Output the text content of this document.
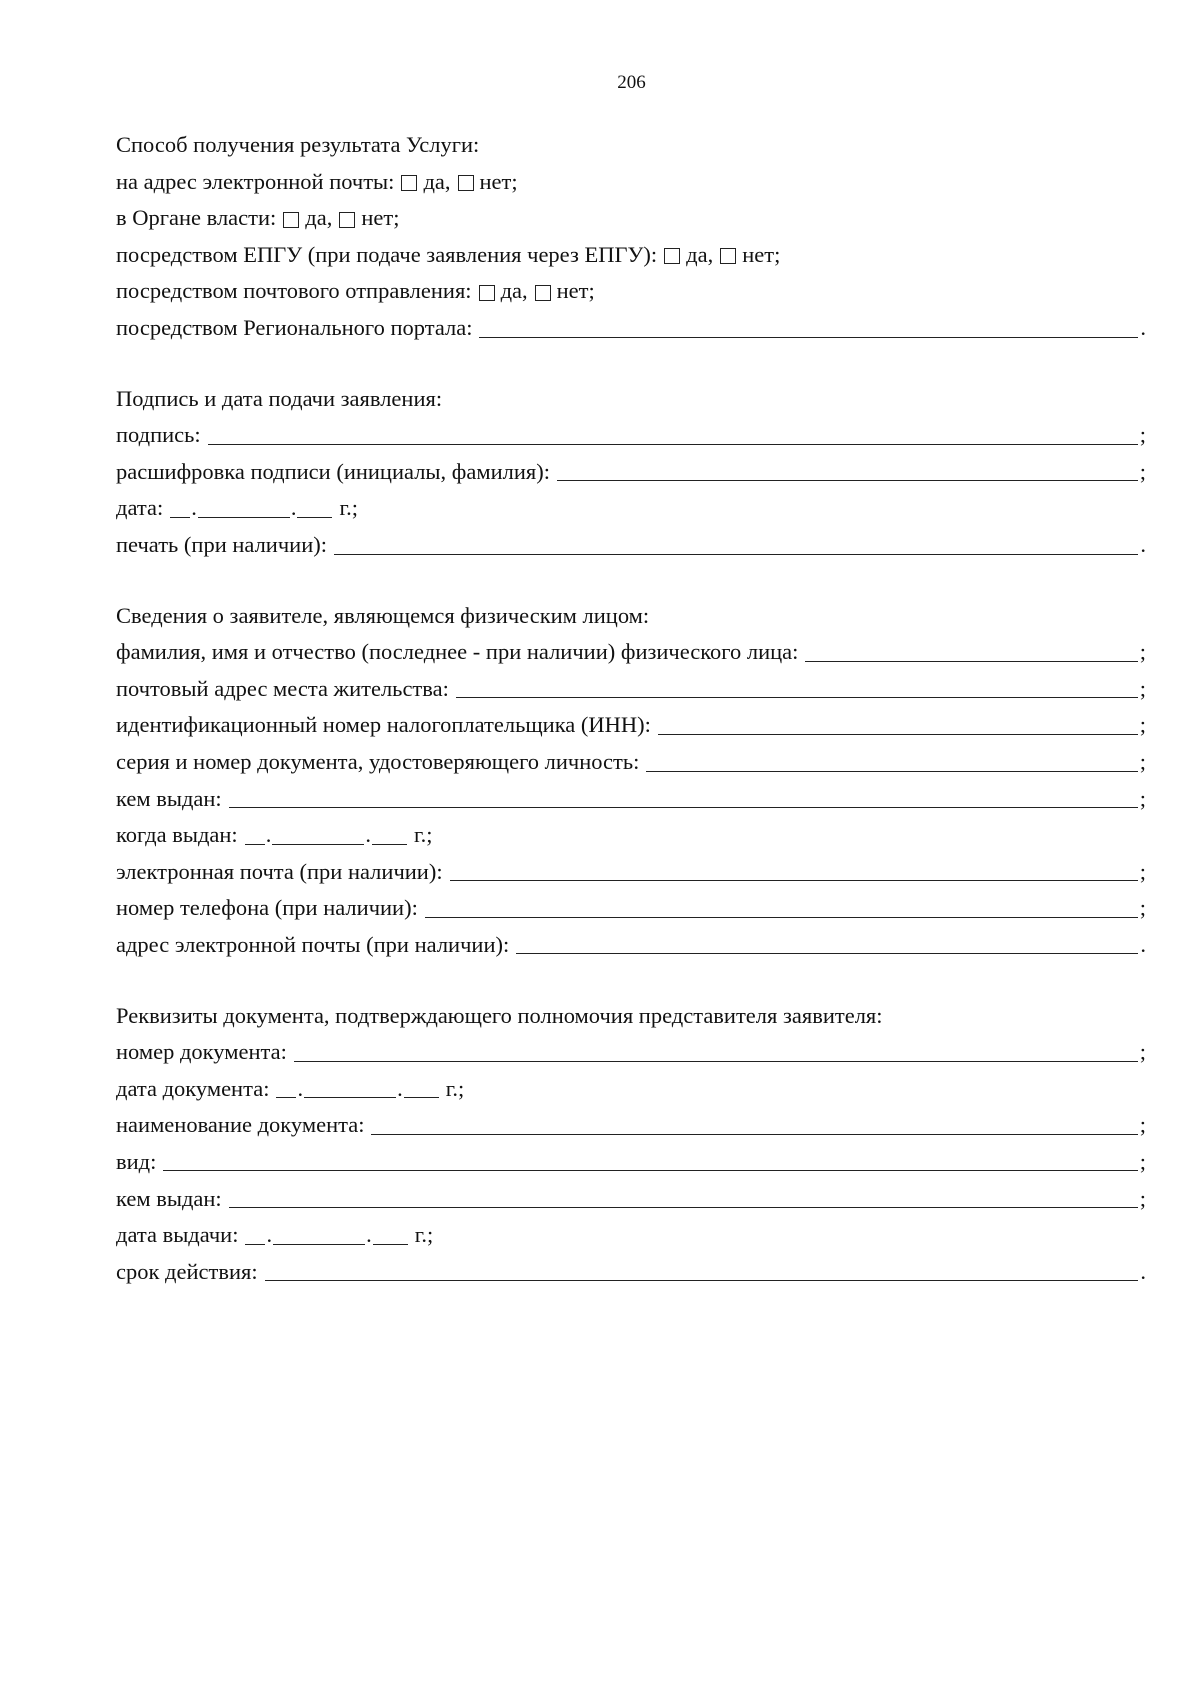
206
Способ получения результата Услуги:
на адрес электронной почты: да, нет;
в Органе власти: да, нет;
посредством ЕПГУ (при подаче заявления через ЕПГУ): да, нет;
посредством почтового отправления: да, нет;
посредством Регионального портала:	.
Подпись и дата подачи заявления:
подпись:	;
расшифровка подписи (инициалы, фамилия):	;
дата: .	. г.;
печать (при наличии):	.
Сведения о заявителе, являющемся физическим лицом:
фамилия, имя и отчество (последнее - при наличии) физического лица:	;
почтовый адрес места жительства:	;
идентификационный номер налогоплательщика (ИНН):	;
серия и номер документа, удостоверяющего личность:	;
кем выдан:	;
когда выдан: .	. г.;
электронная почта (при наличии):	;
номер телефона (при наличии):	;
адрес электронной почты (при наличии):	.
Реквизиты документа, подтверждающего полномочия представителя заявителя:
номер документа:	;
дата документа: .	. г.;
наименование документа:	;
вид:	;
кем выдан:	;
дата выдачи: .	. г.;
срок действия:	.
